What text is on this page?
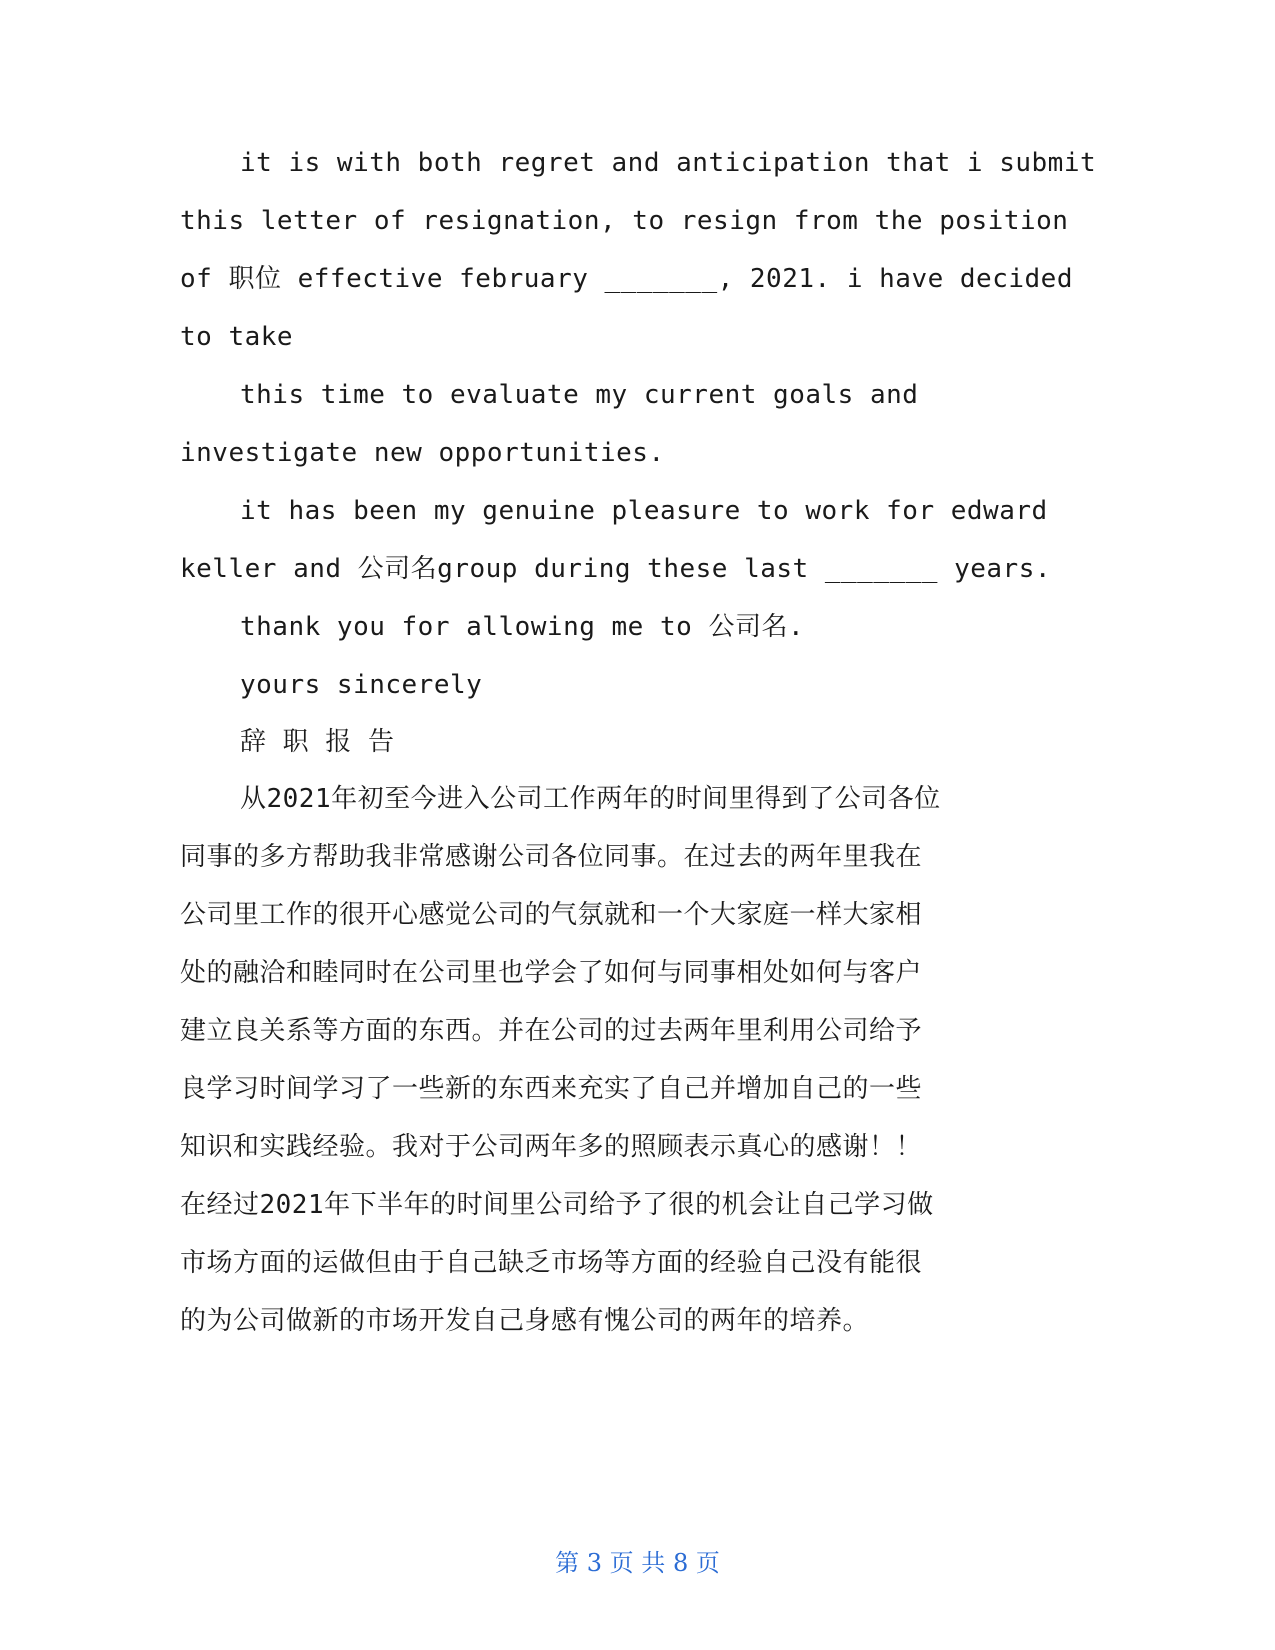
it is with both regret and anticipation that i submit
this letter of resignation, to resign from the position
of 职位 effective february _______, 2021. i have decided
to take
this time to evaluate my current goals and
investigate new opportunities.
it has been my genuine pleasure to work for edward
keller and 公司名group during these last _______ years.
thank you for allowing me to 公司名.
yours sincerely
辞 职 报 告
从2021年初至今进入公司工作两年的时间里得到了公司各位
同事的多方帮助我非常感谢公司各位同事。在过去的两年里我在
公司里工作的很开心感觉公司的气氛就和一个大家庭一样大家相
处的融洽和睦同时在公司里也学会了如何与同事相处如何与客户
建立良关系等方面的东西。并在公司的过去两年里利用公司给予
良学习时间学习了一些新的东西来充实了自己并增加自己的一些
知识和实践经验。我对于公司两年多的照顾表示真心的感谢！！
在经过2021年下半年的时间里公司给予了很的机会让自己学习做
市场方面的运做但由于自己缺乏市场等方面的经验自己没有能很
的为公司做新的市场开发自己身感有愧公司的两年的培养。
第 3 页 共 8 页
